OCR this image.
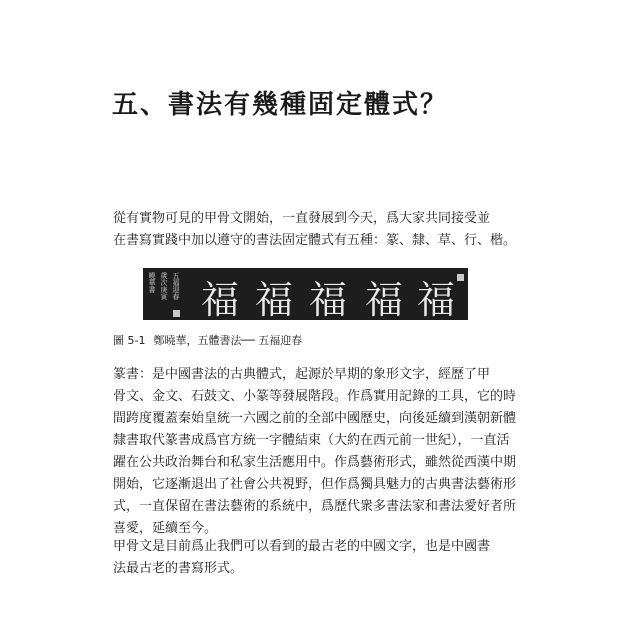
五、書法有幾種固定體式？

從有實物可見的甲骨文開始，一直發展到今天，爲大家共同接受並
在書寫實踐中加以遵守的書法固定體式有五種：篆、隸、草、行、楷。

曉華書 歲次庚寅 五福迎春 福 福 福 福 福
圖 5-1 鄭曉華，五體書法── 五福迎春

篆書：是中國書法的古典體式，起源於早期的象形文字，經歷了甲
骨文、金文、石鼓文、小篆等發展階段。作爲實用記錄的工具，它的時
間跨度覆蓋秦始皇統一六國之前的全部中國歷史，向後延續到漢朝新體
隸書取代篆書成爲官方統一字體結束（大約在西元前一世紀），一直活
躍在公共政治舞台和私家生活應用中。作爲藝術形式，雖然從西漢中期
開始，它逐漸退出了社會公共視野，但作爲獨具魅力的古典書法藝術形
式，一直保留在書法藝術的系統中，爲歷代衆多書法家和書法愛好者所
喜愛，延續至今。

甲骨文是目前爲止我們可以看到的最古老的中國文字，也是中國書
法最古老的書寫形式。
